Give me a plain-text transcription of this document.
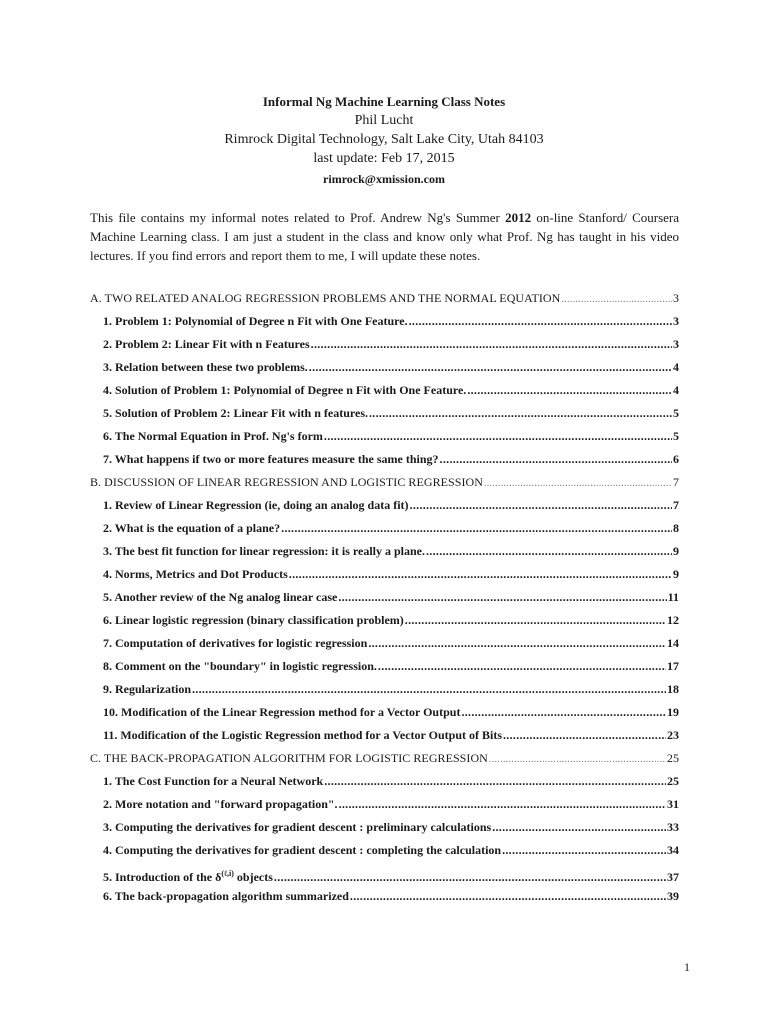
Informal Ng Machine Learning Class Notes
Phil Lucht
Rimrock Digital Technology, Salt Lake City, Utah 84103
last update: Feb 17, 2015
rimrock@xmission.com
This file contains my informal notes related to Prof. Andrew Ng's Summer 2012 on-line Stanford/ Coursera Machine Learning class. I am just a student in the class and know only what Prof. Ng has taught in his video lectures. If you find errors and report them to me, I will update these notes.
A. TWO RELATED ANALOG REGRESSION PROBLEMS AND THE NORMAL EQUATION .....	3
1. Problem 1: Polynomial of Degree n Fit with One Feature. .....	3
2. Problem 2: Linear Fit with n Features .....	3
3. Relation between these two problems. .....	4
4. Solution of Problem 1: Polynomial of Degree n Fit with One Feature. .....	4
5. Solution of Problem 2: Linear Fit with n features. .....	5
6. The Normal Equation in Prof. Ng's form .....	5
7. What happens if two or more features measure the same thing? .....	6
B. DISCUSSION OF LINEAR REGRESSION AND LOGISTIC REGRESSION .....	7
1. Review of Linear Regression (ie, doing an analog data fit) .....	7
2. What is the equation of a plane? .....	8
3. The best fit function for linear regression: it is really a plane. .....	9
4. Norms, Metrics and Dot Products .....	9
5. Another review of the Ng analog linear case .....	11
6. Linear logistic regression (binary classification problem) .....	12
7. Computation of derivatives for logistic regression .....	14
8. Comment on the "boundary" in logistic regression. .....	17
9. Regularization .....	18
10. Modification of the Linear Regression method for a Vector Output .....	19
11. Modification of the Logistic Regression method for a Vector Output of Bits .....	23
C. THE BACK-PROPAGATION ALGORITHM FOR LOGISTIC REGRESSION .....	25
1. The Cost Function for a Neural Network .....	25
2. More notation and "forward propagation". .....	31
3. Computing the derivatives for gradient descent : preliminary calculations .....	33
4. Computing the derivatives for gradient descent : completing the calculation .....	34
5. Introduction of the $\delta^{(\ell,i)}$ objects .....	37
6. The back-propagation algorithm summarized .....	39
1
